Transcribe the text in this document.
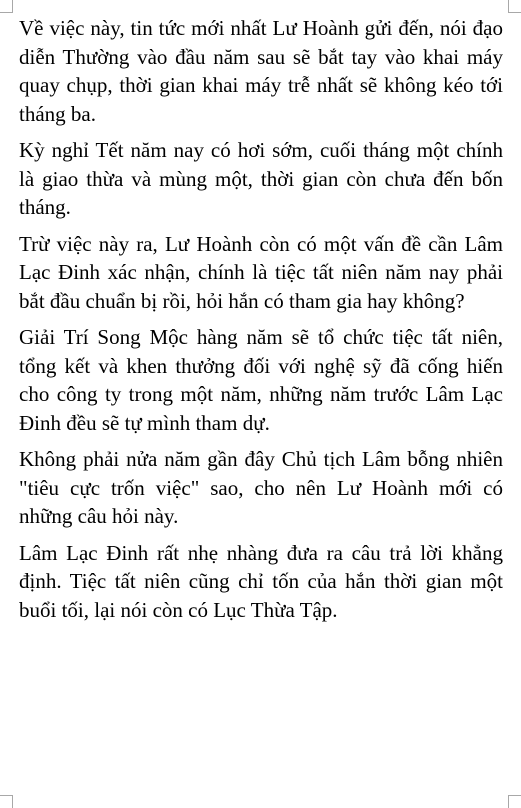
Về việc này, tin tức mới nhất Lư Hoành gửi đến, nói đạo diễn Thường vào đầu năm sau sẽ bắt tay vào khai máy quay chụp, thời gian khai máy trễ nhất sẽ không kéo tới tháng ba.

Kỳ nghỉ Tết năm nay có hơi sớm, cuối tháng một chính là giao thừa và mùng một, thời gian còn chưa đến bốn tháng.

Trừ việc này ra, Lư Hoành còn có một vấn đề cần Lâm Lạc Đinh xác nhận, chính là tiệc tất niên năm nay phải bắt đầu chuẩn bị rồi, hỏi hắn có tham gia hay không?

Giải Trí Song Mộc hàng năm sẽ tổ chức tiệc tất niên, tổng kết và khen thưởng đối với nghệ sỹ đã cống hiến cho công ty trong một năm, những năm trước Lâm Lạc Đinh đều sẽ tự mình tham dự.

Không phải nửa năm gần đây Chủ tịch Lâm bỗng nhiên "tiêu cực trốn việc" sao, cho nên Lư Hoành mới có những câu hỏi này.

Lâm Lạc Đinh rất nhẹ nhàng đưa ra câu trả lời khẳng định. Tiệc tất niên cũng chỉ tốn của hắn thời gian một buổi tối, lại nói còn có Lục Thừa Tập.
